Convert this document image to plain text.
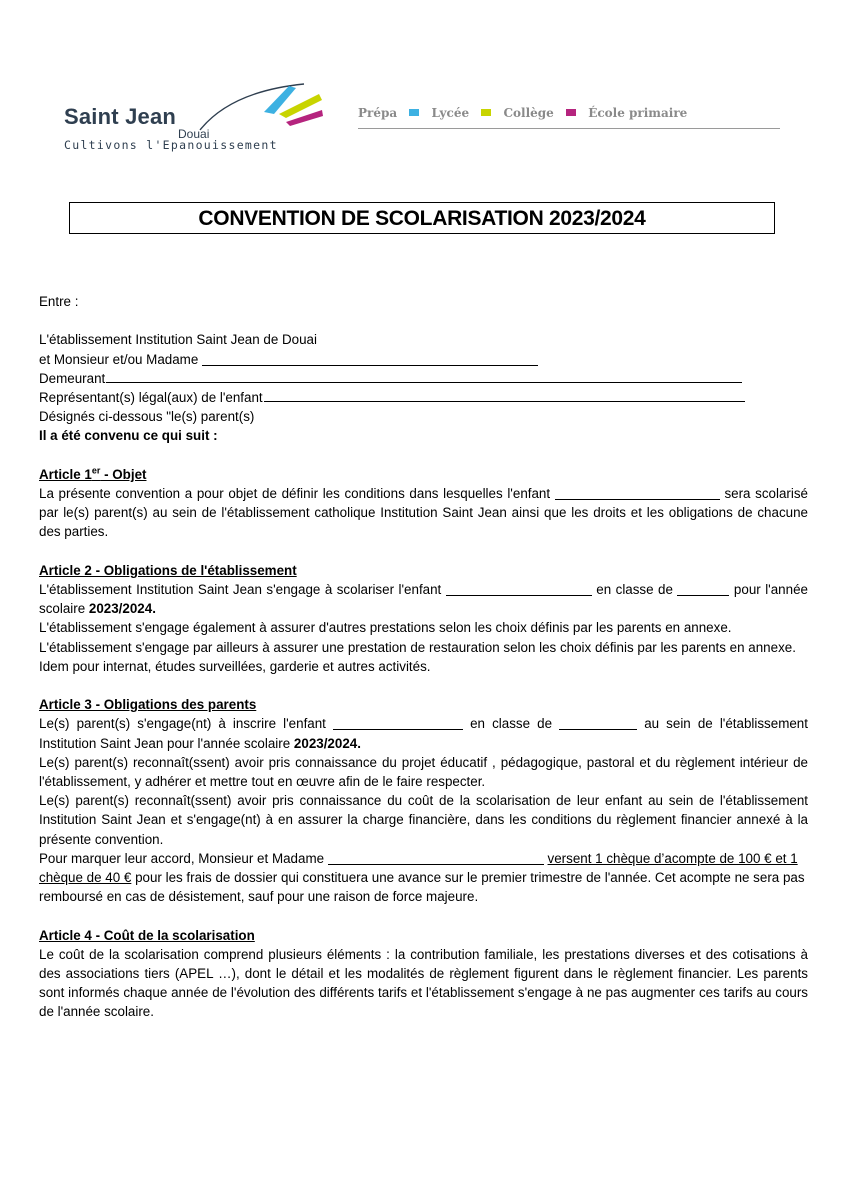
Saint Jean
Douai
Cultivons l'Epanouissement
Prépa	Lycée	Collège	École primaire
CONVENTION DE SCOLARISATION 2023/2024

Entre :

L'établissement Institution Saint Jean de Douai

et Monsieur et/ou Madame

Demeurant
Représentant(s) légal(aux) de l'enfant

Désignés ci-dessous "le(s) parent(s)

Il a été convenu ce qui suit :

Article 1er - Objet

La présente convention a pour objet de définir les conditions dans lesquelles l'enfant	sera scolarisé par le(s) parent(s) au sein de l'établissement catholique Institution Saint Jean ainsi que les droits et les obligations de chacune des parties.

Article 2 - Obligations de l'établissement

L'établissement Institution Saint Jean s'engage à scolariser l'enfant	en classe de	pour l'année scolaire 2023/2024.

L'établissement s'engage également à assurer d'autres prestations selon les choix définis par les parents en annexe.

L'établissement s'engage par ailleurs à assurer une prestation de restauration selon les choix définis par les parents en annexe.

Idem pour internat, études surveillées, garderie et autres activités.

Article 3 - Obligations des parents

Le(s) parent(s) s'engage(nt) à inscrire l'enfant	en classe de	au sein de l'établissement Institution Saint Jean pour l'année scolaire 2023/2024.

Le(s) parent(s) reconnaît(ssent) avoir pris connaissance du projet éducatif , pédagogique, pastoral et du règlement intérieur de l'établissement, y adhérer et mettre tout en œuvre afin de le faire respecter.

Le(s) parent(s) reconnaît(ssent) avoir pris connaissance du coût de la scolarisation de leur enfant au sein de l'établissement Institution Saint Jean et s'engage(nt) à en assurer la charge financière, dans les conditions du règlement financier annexé à la présente convention.

Pour marquer leur accord, Monsieur et Madame	versent 1 chèque d’acompte de 100 € et 1 chèque de 40 € pour les frais de dossier qui constituera une avance sur le premier trimestre de l'année. Cet acompte ne sera pas remboursé en cas de désistement, sauf pour une raison de force majeure.

Article 4 - Coût de la scolarisation

Le coût de la scolarisation comprend plusieurs éléments : la contribution familiale, les prestations diverses et des cotisations à des associations tiers (APEL …), dont le détail et les modalités de règlement figurent dans le règlement financier. Les parents sont informés chaque année de l'évolution des différents tarifs et l'établissement s'engage à ne pas augmenter ces tarifs au cours de l'année scolaire.
